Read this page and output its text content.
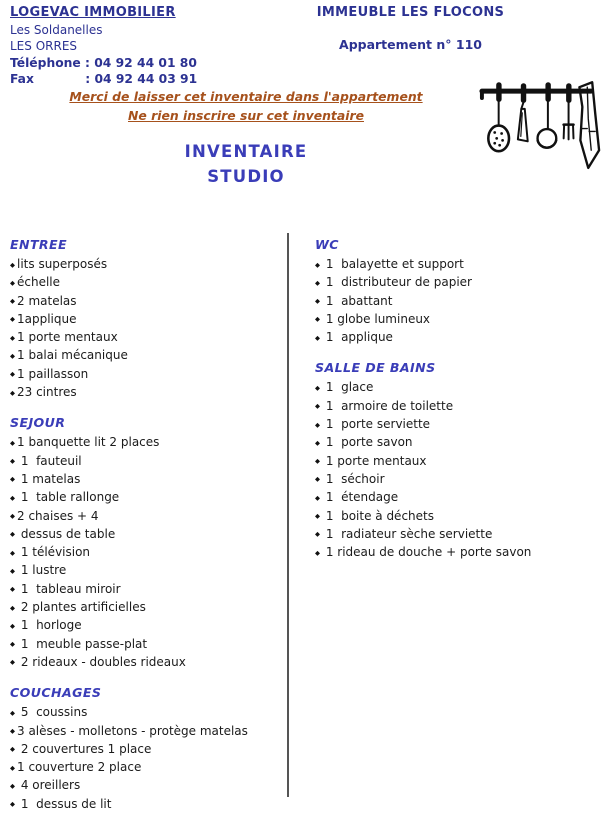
LOGEVAC IMMOBILIER
Les Soldanelles
LES ORRES
Téléphone : 04 92 44 01 80
Fax            : 04 92 44 03 91
IMMEUBLE LES FLOCONS
Appartement n° 110
Merci de laisser cet inventaire dans l'appartement
Ne rien inscrire sur cet inventaire
INVENTAIRE
STUDIO
ENTREE
◆ lits superposés
◆ échelle
◆ 2 matelas
◆ 1applique
◆ 1 porte mentaux
◆ 1 balai mécanique
◆ 1 paillasson
◆ 23 cintres
SEJOUR
◆ 1 banquette lit 2 places
◆ 1  fauteuil
◆ 1 matelas
◆ 1  table rallonge
◆ 2 chaises + 4
◆ dessus de table
◆ 1 télévision
◆ 1 lustre
◆ 1  tableau miroir
◆ 2 plantes artificielles
◆ 1  horloge
◆ 1  meuble passe-plat
◆ 2 rideaux - doubles rideaux
COUCHAGES
◆ 5  coussins
◆ 3 alèses - molletons - protège matelas
◆ 2 couvertures 1 place
◆ 1 couverture 2 place
◆ 4 oreillers
◆ 1  dessus de lit
WC
◆ 1  balayette et support
◆ 1  distributeur de papier
◆ 1  abattant
◆ 1 globe lumineux
◆ 1  applique
SALLE DE BAINS
◆ 1  glace
◆ 1  armoire de toilette
◆ 1  porte serviette
◆ 1  porte savon
◆ 1 porte mentaux
◆ 1  séchoir
◆ 1  étendage
◆ 1  boite à déchets
◆ 1  radiateur sèche serviette
◆ 1 rideau de douche + porte savon
